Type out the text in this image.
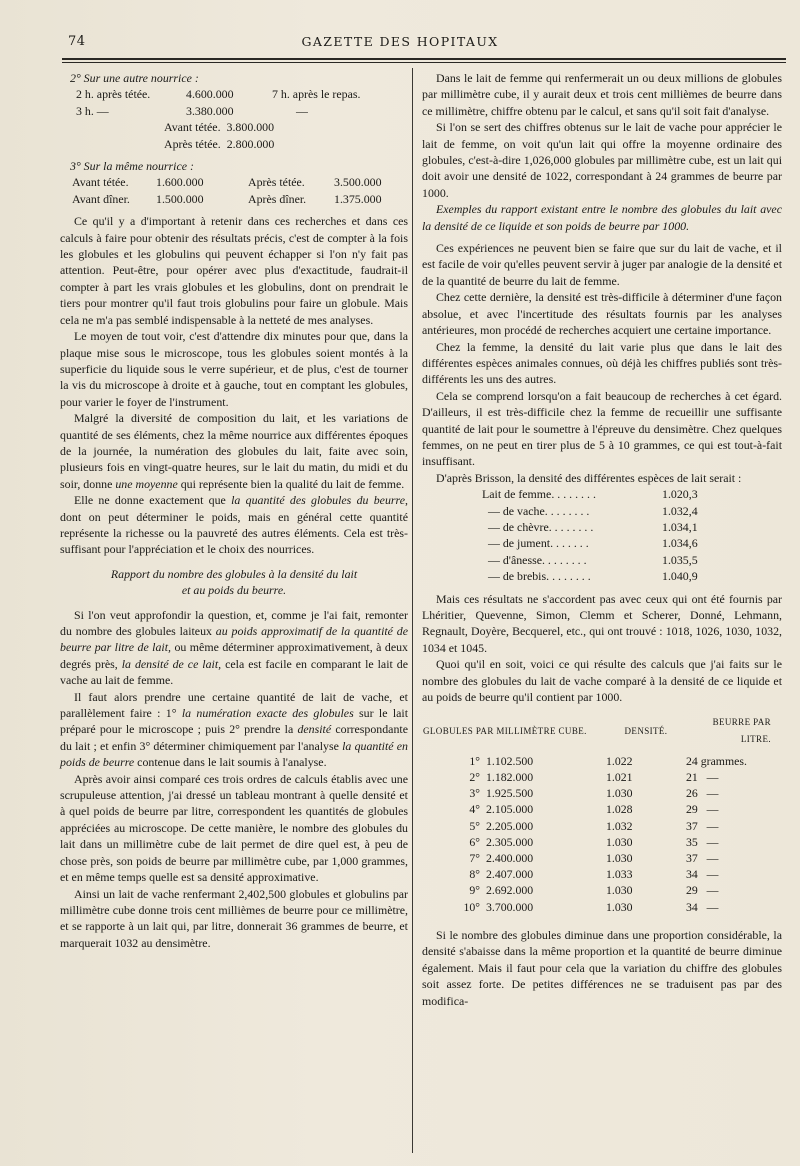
74	GAZETTE DES HOPITAUX
2° Sur une autre nourrice :
2 h. après tétée.	4.600.000	7 h. après le repas.
3 h. —	3.380.000	—
Avant tétée.  3.800.000
Après tétée.  2.800.000
3° Sur la même nourrice :
Avant tétée.	1.600.000	Après tétée.	3.500.000
Avant dîner.	1.500.000	Après dîner.	1.375.000

Ce qu'il y a d'important à retenir dans ces recherches et dans ces calculs à faire pour obtenir des résultats précis, c'est de compter à la fois les globules et les globulins qui peuvent échapper si l'on n'y fait pas attention. Peut-être, pour opérer avec plus d'exactitude, faudrait-il compter à part les vrais globules et les globulins, dont on prendrait le tiers pour montrer qu'il faut trois globulins pour faire un globule. Mais cela ne m'a pas semblé indispensable à la netteté de mes analyses.

Le moyen de tout voir, c'est d'attendre dix minutes pour que, dans la plaque mise sous le microscope, tous les globules soient montés à la superficie du liquide sous le verre supérieur, et de plus, c'est de tourner la vis du microscope à droite et à gauche, tout en comptant les globules, pour varier le foyer de l'instrument.

Malgré la diversité de composition du lait, et les variations de quantité de ses éléments, chez la même nourrice aux différentes époques de la journée, la numération des globules du lait, faite avec soin, plusieurs fois en vingt-quatre heures, sur le lait du matin, du midi et du soir, donne une moyenne qui représente bien la qualité du lait de femme.

Elle ne donne exactement que la quantité des globules du beurre, dont on peut déterminer le poids, mais en général cette quantité représente la richesse ou la pauvreté des autres éléments. Cela est très-suffisant pour l'appréciation et le choix des nourrices.

Rapport du nombre des globules à la densité du lait

et au poids du beurre.

Si l'on veut approfondir la question, et, comme je l'ai fait, remonter du nombre des globules laiteux au poids approximatif de la quantité de beurre par litre de lait, ou même déterminer approximativement, à deux degrés près, la densité de ce lait, cela est facile en comparant le lait de vache au lait de femme.

Il faut alors prendre une certaine quantité de lait de vache, et parallèlement faire : 1° la numération exacte des globules sur le lait préparé pour le microscope ; puis 2° prendre la densité correspondante du lait ; et enfin 3° déterminer chimiquement par l'analyse la quantité en poids de beurre contenue dans le lait soumis à l'analyse.

Après avoir ainsi comparé ces trois ordres de calculs établis avec une scrupuleuse attention, j'ai dressé un tableau montrant à quelle densité et à quel poids de beurre par litre, correspondent les quantités de globules appréciées au microscope. De cette manière, le nombre des globules du lait dans un millimètre cube de lait permet de dire quel est, à peu de chose près, son poids de beurre par millimètre cube, par 1,000 grammes, et en même temps quelle est sa densité approximative.

Ainsi un lait de vache renfermant 2,402,500 globules et globulins par millimètre cube donne trois cent millièmes de beurre pour ce millimètre, et se rapporte à un lait qui, par litre, donnerait 36 grammes de beurre, et marquerait 1032 au densimètre.

Dans le lait de femme qui renfermerait un ou deux millions de globules par millimètre cube, il y aurait deux et trois cent millièmes de beurre dans ce millimètre, chiffre obtenu par le calcul, et sans qu'il soit fait d'analyse.

Si l'on se sert des chiffres obtenus sur le lait de vache pour apprécier le lait de femme, on voit qu'un lait qui offre la moyenne ordinaire des globules, c'est-à-dire 1,026,000 globules par millimètre cube, est un lait qui doit avoir une densité de 1022, correspondant à 24 grammes de beurre par 1000.

Exemples du rapport existant entre le nombre des globules du lait avec la densité de ce liquide et son poids de beurre par 1000.

Ces expériences ne peuvent bien se faire que sur du lait de vache, et il est facile de voir qu'elles peuvent servir à juger par analogie de la densité et de la quantité de beurre du lait de femme.

Chez cette dernière, la densité est très-difficile à déterminer d'une façon absolue, et avec l'incertitude des résultats fournis par les analyses antérieures, mon procédé de recherches acquiert une certaine importance.

Chez la femme, la densité du lait varie plus que dans le lait des différentes espèces animales connues, où déjà les chiffres publiés sont très-différents les uns des autres.

Cela se comprend lorsqu'on a fait beaucoup de recherches à cet égard. D'ailleurs, il est très-difficile chez la femme de recueillir une suffisante quantité de lait pour le soumettre à l'épreuve du densimètre. Chez quelques femmes, on ne peut en tirer plus de 5 à 10 grammes, ce qui est tout-à-fait insuffisant.

D'après Brisson, la densité des différentes espèces de lait serait :

Lait de femme. . . . . . . .	1.020,3
— de vache. . . . . . . .	1.032,4
— de chèvre. . . . . . . .	1.034,1
— de jument. . . . . . .	1.034,6
— d'ânesse. . . . . . . .	1.035,5
— de brebis. . . . . . . .	1.040,9

Mais ces résultats ne s'accordent pas avec ceux qui ont été fournis par Lhéritier, Quevenne, Simon, Clemm et Scherer, Donné, Lehmann, Regnault, Doyère, Becquerel, etc., qui ont trouvé : 1018, 1026, 1030, 1032, 1034 et 1045.

Quoi qu'il en soit, voici ce qui résulte des calculs que j'ai faits sur le nombre des globules du lait de vache comparé à la densité de ce liquide et au poids de beurre qu'il contient par 1000.

GLOBULES PAR MILLIMÈTRE CUBE.		DENSITÉ.	BEURRE PAR LITRE.
1°	1.102.500	1.022	24 grammes.
2°	1.182.000	1.021	21   —
3°	1.925.500	1.030	26   —
4°	2.105.000	1.028	29   —
5°	2.205.000	1.032	37   —
6°	2.305.000	1.030	35   —
7°	2.400.000	1.030	37   —
8°	2.407.000	1.033	34   —
9°	2.692.000	1.030	29   —
10°	3.700.000	1.030	34   —

Si le nombre des globules diminue dans une proportion considérable, la densité s'abaisse dans la même proportion et la quantité de beurre diminue également. Mais il faut pour cela que la variation du chiffre des globules soit assez forte. De petites différences ne se traduisent pas par des modifica-
